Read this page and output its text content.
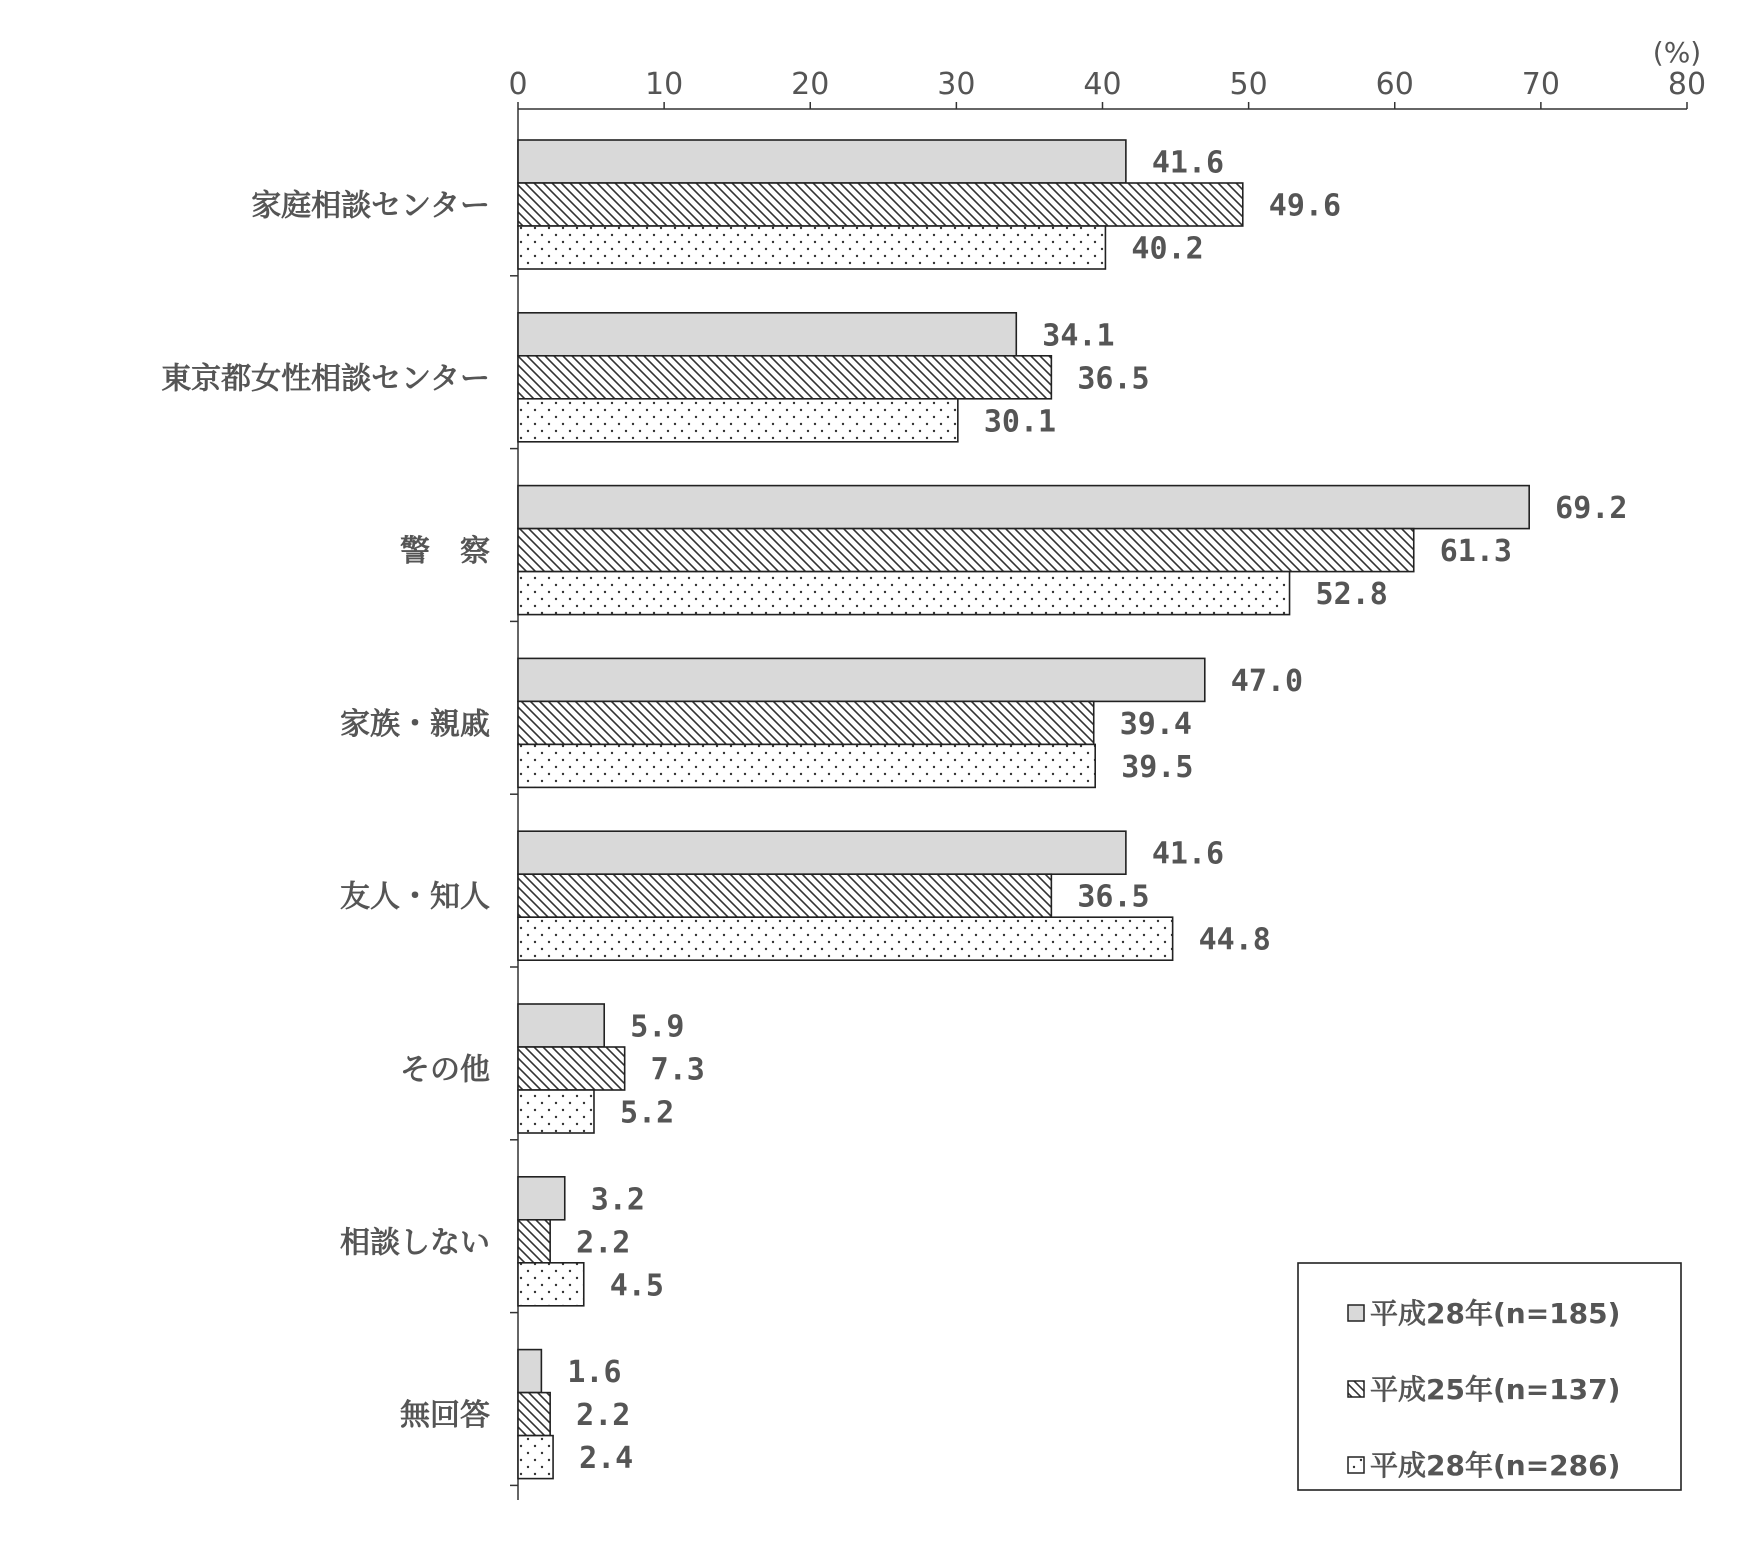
0	10	20	30	40	50	60	70	80
(%)
家庭相談センター
41.6
49.6
40.2
東京都女性相談センター
34.1
36.5
30.1
警　察
69.2
61.3
52.8
家族・親戚
47.0
39.4
39.5
友人・知人
41.6
36.5
44.8
その他
5.9
7.3
5.2
相談しない
3.2
2.2
4.5
無回答
1.6
2.2
2.4
平成28年(n=185)
平成25年(n=137)
平成28年(n=286)
